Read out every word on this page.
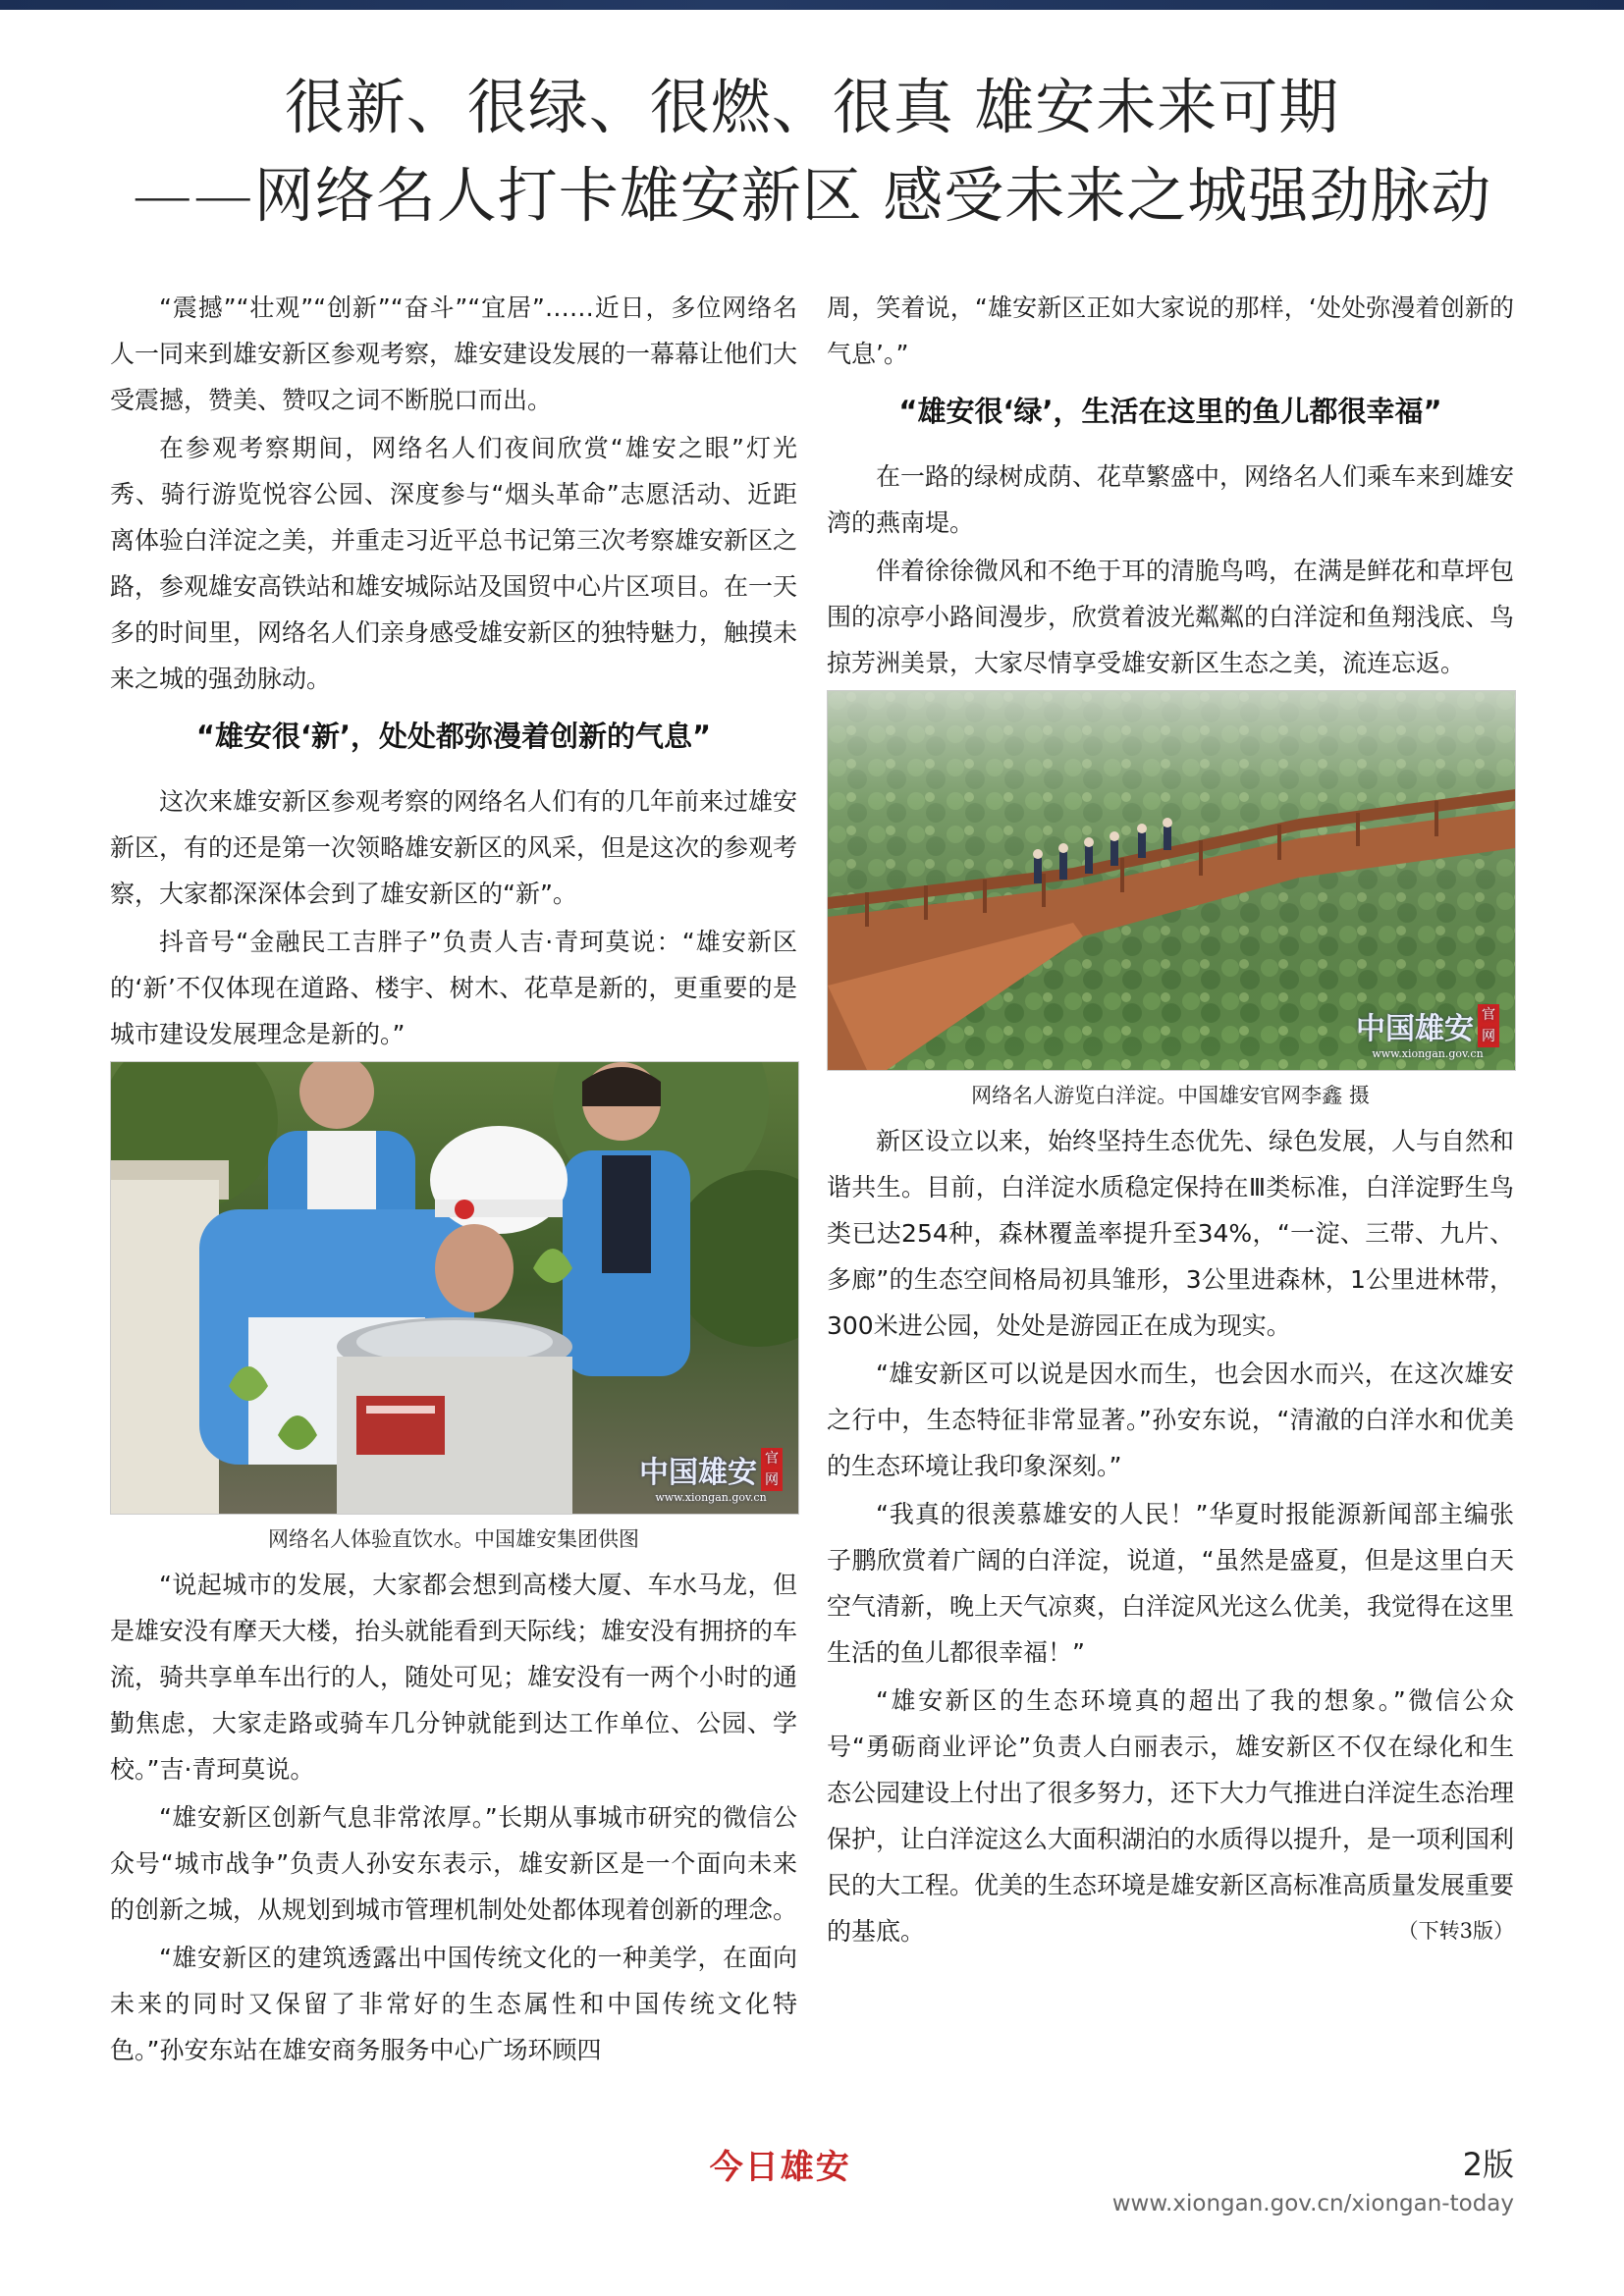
很新、很绿、很燃、很真 雄安未来可期
——网络名人打卡雄安新区 感受未来之城强劲脉动

“震撼”“壮观”“创新”“奋斗”“宜居”……近日，多位网络名人一同来到雄安新区参观考察，雄安建设发展的一幕幕让他们大受震撼，赞美、赞叹之词不断脱口而出。

在参观考察期间，网络名人们夜间欣赏“雄安之眼”灯光秀、骑行游览悦容公园、深度参与“烟头革命”志愿活动、近距离体验白洋淀之美，并重走习近平总书记第三次考察雄安新区之路，参观雄安高铁站和雄安城际站及国贸中心片区项目。在一天多的时间里，网络名人们亲身感受雄安新区的独特魅力，触摸未来之城的强劲脉动。

“雄安很‘新’，处处都弥漫着创新的气息”

这次来雄安新区参观考察的网络名人们有的几年前来过雄安新区，有的还是第一次领略雄安新区的风采，但是这次的参观考察，大家都深深体会到了雄安新区的“新”。

抖音号“金融民工吉胖子”负责人吉·青珂莫说：“雄安新区的‘新’不仅体现在道路、楼宇、树木、花草是新的，更重要的是城市建设发展理念是新的。”

中国雄安 官网
www.xiongan.gov.cn
网络名人体验直饮水。中国雄安集团供图

“说起城市的发展，大家都会想到高楼大厦、车水马龙，但是雄安没有摩天大楼，抬头就能看到天际线；雄安没有拥挤的车流，骑共享单车出行的人，随处可见；雄安没有一两个小时的通勤焦虑，大家走路或骑车几分钟就能到达工作单位、公园、学校。”吉·青珂莫说。

“雄安新区创新气息非常浓厚。”长期从事城市研究的微信公众号“城市战争”负责人孙安东表示，雄安新区是一个面向未来的创新之城，从规划到城市管理机制处处都体现着创新的理念。

“雄安新区的建筑透露出中国传统文化的一种美学，在面向未来的同时又保留了非常好的生态属性和中国传统文化特色。”孙安东站在雄安商务服务中心广场环顾四

周，笑着说，“雄安新区正如大家说的那样，‘处处弥漫着创新的气息’。”

“雄安很‘绿’，生活在这里的鱼儿都很幸福”

在一路的绿树成荫、花草繁盛中，网络名人们乘车来到雄安湾的燕南堤。

伴着徐徐微风和不绝于耳的清脆鸟鸣，在满是鲜花和草坪包围的凉亭小路间漫步，欣赏着波光粼粼的白洋淀和鱼翔浅底、鸟掠芳洲美景，大家尽情享受雄安新区生态之美，流连忘返。

中国雄安 官网
www.xiongan.gov.cn
网络名人游览白洋淀。中国雄安官网李鑫 摄

新区设立以来，始终坚持生态优先、绿色发展，人与自然和谐共生。目前，白洋淀水质稳定保持在Ⅲ类标准，白洋淀野生鸟类已达254种，森林覆盖率提升至34%，“一淀、三带、九片、多廊”的生态空间格局初具雏形，3公里进森林，1公里进林带，300米进公园，处处是游园正在成为现实。

“雄安新区可以说是因水而生，也会因水而兴，在这次雄安之行中，生态特征非常显著。”孙安东说，“清澈的白洋水和优美的生态环境让我印象深刻。”

“我真的很羡慕雄安的人民！”华夏时报能源新闻部主编张子鹏欣赏着广阔的白洋淀，说道，“虽然是盛夏，但是这里白天空气清新，晚上天气凉爽，白洋淀风光这么优美，我觉得在这里生活的鱼儿都很幸福！”

“雄安新区的生态环境真的超出了我的想象。”微信公众号“勇砺商业评论”负责人白丽表示，雄安新区不仅在绿化和生态公园建设上付出了很多努力，还下大力气推进白洋淀生态治理保护，让白洋淀这么大面积湖泊的水质得以提升，是一项利国利民的大工程。优美的生态环境是雄安新区高标准高质量发展重要的基底。	（下转3版）

今日雄安	2版
www.xiongan.gov.cn/xiongan-today
